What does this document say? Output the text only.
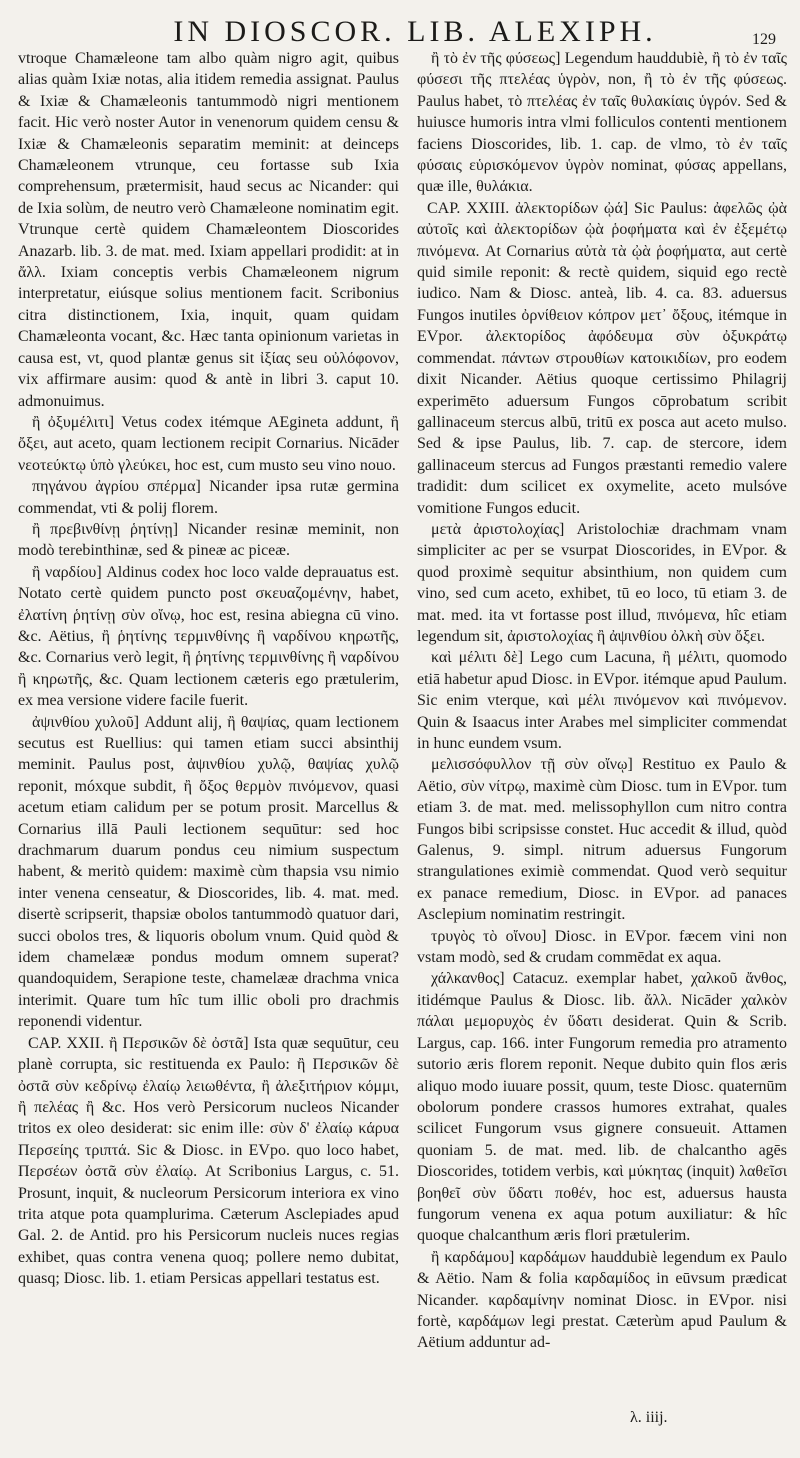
IN DIOSCOR. LIB. ALEXIPH.	129

vtroque Chamæleone tam albo quàm nigro agit, quibus alias quàm Ixiæ notas, alia itidem remedia assignat. Paulus & Ixiæ & Chamæleonis tantummodò nigri mentionem facit. Hic verò noster Autor in venenorum quidem censu & Ixiæ & Chamæleonis separatim meminit: at deinceps Chamæleonem vtrunque, ceu fortasse sub Ixia comprehensum, prætermisit, haud secus ac Nicander: qui de Ixia solùm, de neutro verò Chamæleone nominatim egit. Vtrunque certè quidem Chamæleontem Dioscorides Anazarb. lib. 3. de mat. med. Ixiam appellari prodidit: at in ἄλλ. Ixiam conceptis verbis Chamæleonem nigrum interpretatur, eiúsque solius mentionem facit. Scribonius citra distinctionem, Ixia, inquit, quam quidam Chamæleonta vocant, &c. Hæc tanta opinionum varietas in causa est, vt, quod plantæ genus sit ἰξίας seu οὐλόφονον, vix affirmare ausim: quod & antè in libri 3. caput 10. admonuimus.

ἢ ὀξυμέλιτι] Vetus codex itémque AEgineta addunt, ἢ ὄξει, aut aceto, quam lectionem recipit Cornarius. Nicāder νεοτεύκτῳ ὑπὸ γλεύκει, hoc est, cum musto seu vino nouo.

πηγάνου ἀγρίου σπέρμα] Nicander ipsa rutæ germina commendat, vti & polij florem.

ἢ πρεβινθίνῃ ῥητίνῃ] Nicander resinæ meminit, non modò terebinthinæ, sed & pineæ ac piceæ.

ἢ ναρδίου] Aldinus codex hoc loco valde deprauatus est. Notato certè quidem puncto post σκευαζομένην, habet, ἐλατίνη ῥητίνῃ σὺν οἴνῳ, hoc est, resina abiegna cū vino. &c. Aëtius, ἢ ῥητίνης τερμινθίνης ἢ ναρδίνου κηρωτῆς, &c. Cornarius verò legit, ἢ ῥητίνης τερμινθίνης ἢ ναρδίνου ἢ κηρωτῆς, &c. Quam lectionem cæteris ego prætulerim, ex mea versione videre facile fuerit.

ἀψινθίου χυλοῦ] Addunt alij, ἢ θαψίας, quam lectionem secutus est Ruellius: qui tamen etiam succi absinthij meminit. Paulus post, ἀψινθίου χυλῷ, θαψίας χυλῷ reponit, móxque subdit, ἢ ὄξος θερμὸν πινόμενον, quasi acetum etiam calidum per se potum prosit. Marcellus & Cornarius illā Pauli lectionem sequūtur: sed hoc drachmarum duarum pondus ceu nimium suspectum habent, & meritò quidem: maximè cùm thapsia vsu nimio inter venena censeatur, & Dioscorides, lib. 4. mat. med. disertè scripserit, thapsiæ obolos tantummodò quatuor dari, succi obolos tres, & liquoris obolum vnum. Quid quòd & idem chamelææ pondus modum omnem superat? quandoquidem, Serapione teste, chamelææ drachma vnica interimit. Quare tum hîc tum illic oboli pro drachmis reponendi videntur.

CAP. XXII. ἢ Περσικῶν δὲ ὀστᾶ] Ista quæ sequūtur, ceu planè corrupta, sic restituenda ex Paulo: ἢ Περσικῶν δὲ ὀστᾶ σὺν κεδρίνῳ ἐλαίῳ λειωθέντα, ἢ ἀλεξιτήριον κόμμι, ἢ πελέας ἢ &c. Hos verò Persicorum nucleos Nicander tritos ex oleo desiderat: sic enim ille: σὺν δ' ἐλαίῳ κάρυα Περσείης τριπτά. Sic & Diosc. in EVpo. quo loco habet, Περσέων ὀστᾶ σὺν ἐλαίῳ. At Scribonius Largus, c. 51. Prosunt, inquit, & nucleorum Persicorum interiora ex vino trita atque pota quamplurima. Cæterum Asclepiades apud Gal. 2. de Antid. pro his Persicorum nucleis nuces regias exhibet, quas contra venena quoq; pollere nemo dubitat, quasq; Diosc. lib. 1. etiam Persicas appellari testatus est.

ἢ τὸ ἐν τῆς φύσεως] Legendum hauddubiè, ἢ τὸ ἐν ταῖς φύσεσι τῆς πτελέας ὑγρὸν, non, ἢ τὸ ἐν τῆς φύσεως. Paulus habet, τὸ πτελέας ἐν ταῖς θυλακίαις ὑγρόν. Sed & huiusce humoris intra vlmi folliculos contenti mentionem faciens Dioscorides, lib. 1. cap. de vlmo, τὸ ἐν ταῖς φύσαις εὑρισκόμενον ὑγρὸν nominat, φύσας appellans, quæ ille, θυλάκια.

CAP. XXIII. ἀλεκτορίδων ᾠά] Sic Paulus: ἀφελῶς ᾠὰ αὐτοῖς καὶ ἀλεκτορίδων ᾠὰ ῥοφήματα καὶ ἐν ἐξεμέτῳ πινόμενα. At Cornarius αὐτὰ τὰ ᾠὰ ῥοφήματα, aut certè quid simile reponit: & rectè quidem, siquid ego rectè iudico. Nam & Diosc. anteà, lib. 4. ca. 83. aduersus Fungos inutiles ὀρνίθειον κόπρον μετ᾽ ὄξους, itémque in EVpor. ἀλεκτορίδος ἀφόδευμα σὺν ὀξυκράτῳ commendat. πάντων στρουθίων κατοικιδίων, pro eodem dixit Nicander. Aëtius quoque certissimo Philagrij experimēto aduersum Fungos cōprobatum scribit gallinaceum stercus albū, tritū ex posca aut aceto mulso. Sed & ipse Paulus, lib. 7. cap. de stercore, idem gallinaceum stercus ad Fungos præstanti remedio valere tradidit: dum scilicet ex oxymelite, aceto mulsóve vomitione Fungos educit.

μετὰ ἀριστολοχίας] Aristolochiæ drachmam vnam simpliciter ac per se vsurpat Dioscorides, in EVpor. & quod proximè sequitur absinthium, non quidem cum vino, sed cum aceto, exhibet, tū eo loco, tū etiam 3. de mat. med. ita vt fortasse post illud, πινόμενα, hîc etiam legendum sit, ἀριστολοχίας ἢ ἀψινθίου ὀλκὴ σὺν ὄξει.

καὶ μέλιτι δὲ] Lego cum Lacuna, ἢ μέλιτι, quomodo etiā habetur apud Diosc. in EVpor. itémque apud Paulum. Sic enim vterque, καὶ μέλι πινόμενον καὶ πινόμενον. Quin & Isaacus inter Arabes mel simpliciter commendat in hunc eundem vsum.

μελισσόφυλλον τῇ σὺν οἴνῳ] Restituo ex Paulo & Aëtio, σὺν νίτρῳ, maximè cùm Diosc. tum in EVpor. tum etiam 3. de mat. med. melissophyllon cum nitro contra Fungos bibi scripsisse constet. Huc accedit & illud, quòd Galenus, 9. simpl. nitrum aduersus Fungorum strangulationes eximiè commendat. Quod verò sequitur ex panace remedium, Diosc. in EVpor. ad panaces Asclepium nominatim restringit.

τρυγὸς τὸ οἴνου] Diosc. in EVpor. fæcem vini non vstam modò, sed & crudam commēdat ex aqua.

χάλκανθος] Catacuz. exemplar habet, χαλκοῦ ἄνθος, itidémque Paulus & Diosc. lib. ἄλλ. Nicāder χαλκὸν πάλαι μεμορυχὸς ἐν ὕδατι desiderat. Quin & Scrib. Largus, cap. 166. inter Fungorum remedia pro atramento sutorio æris florem reponit. Neque dubito quin flos æris aliquo modo iuuare possit, quum, teste Diosc. quaternūm obolorum pondere crassos humores extrahat, quales scilicet Fungorum vsus gignere consueuit. Attamen quoniam 5. de mat. med. lib. de chalcantho agēs Dioscorides, totidem verbis, καὶ μύκητας (inquit) λαθεῖσι βοηθεῖ σὺν ὕδατι ποθέν, hoc est, aduersus hausta fungorum venena ex aqua potum auxiliatur: & hîc quoque chalcanthum æris flori prætulerim.

ἢ καρδάμου] καρδάμων hauddubiè legendum ex Paulo & Aëtio. Nam & folia καρδαμίδος in eūvsum prædicat Nicander. καρδαμίνην nominat Diosc. in EVpor. nisi fortè, καρδάμων legi prestat. Cæterùm apud Paulum & Aëtium adduntur ad-

λ. iiij.
